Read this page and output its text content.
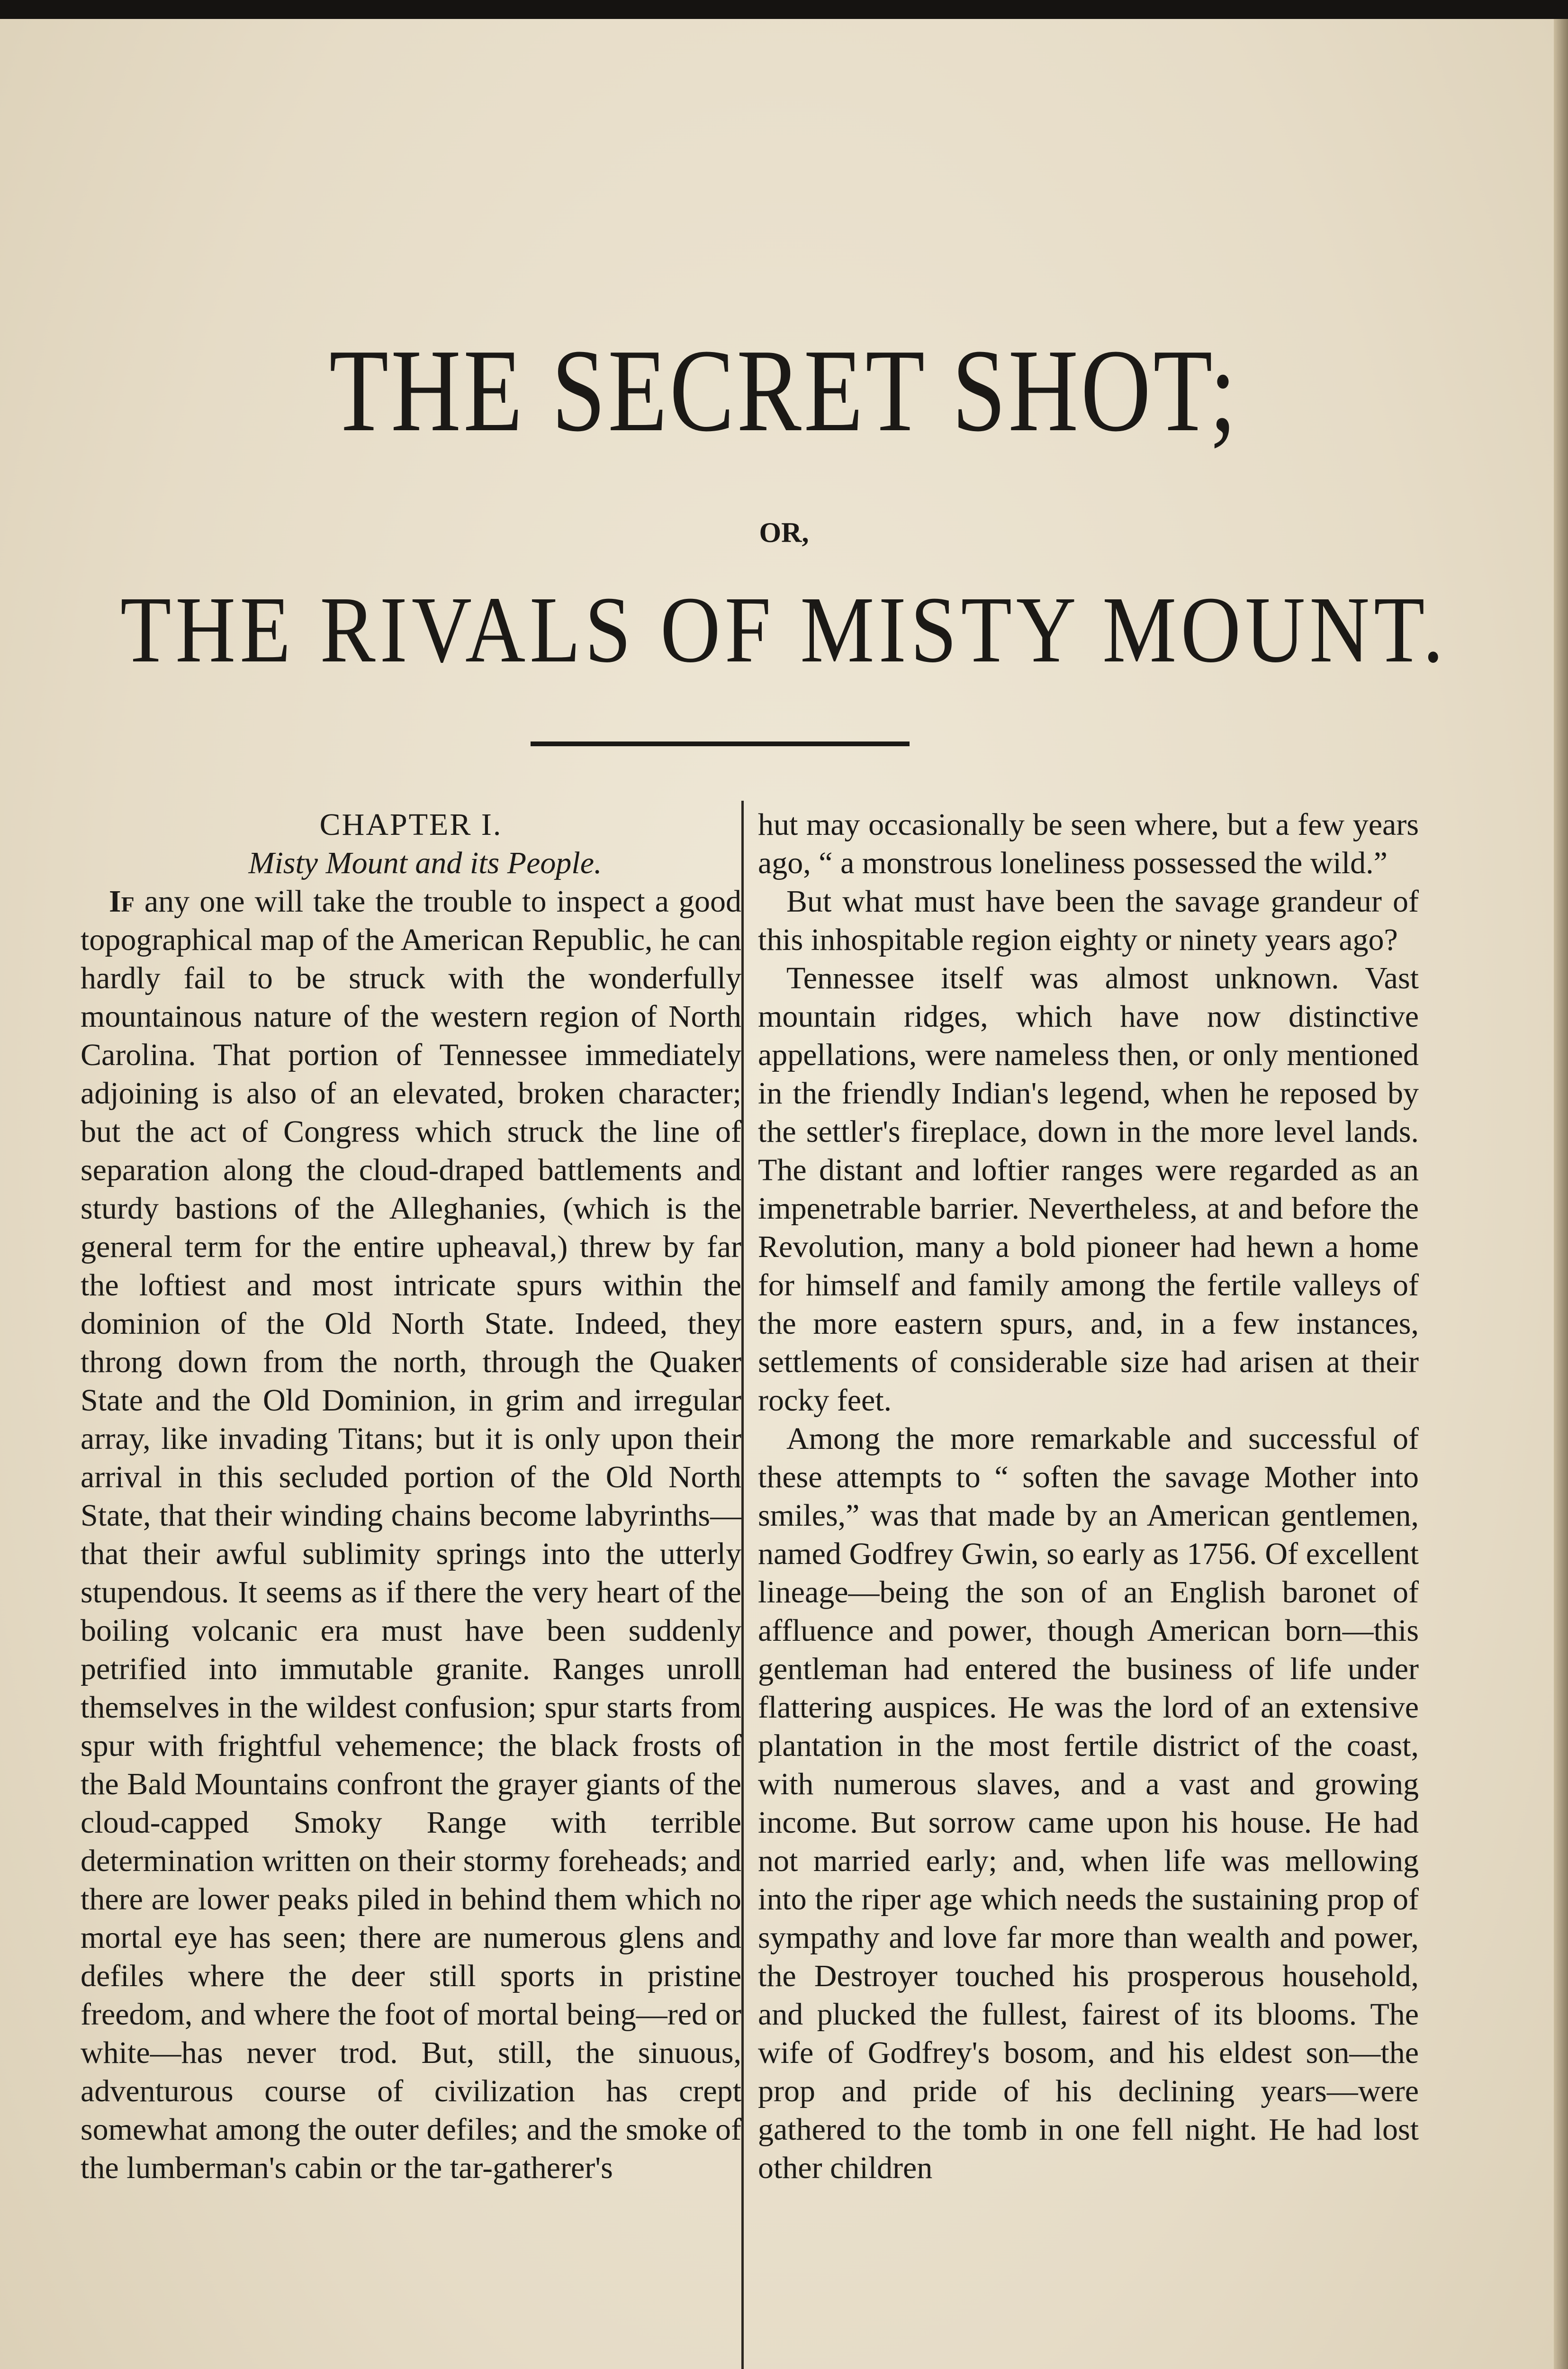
THE SECRET SHOT;
OR,
THE RIVALS OF MISTY MOUNT.

CHAPTER I.

Misty Mount and its People.

If any one will take the trouble to inspect a good topographical map of the American Republic, he can hardly fail to be struck with the wonderfully mountainous nature of the western region of North Carolina. That portion of Tennessee immediately adjoining is also of an elevated, broken character; but the act of Congress which struck the line of separation along the cloud-draped battlements and sturdy bastions of the Alleghanies, (which is the general term for the entire upheaval,) threw by far the loftiest and most intricate spurs within the dominion of the Old North State. Indeed, they throng down from the north, through the Quaker State and the Old Dominion, in grim and irregular array, like invading Titans; but it is only upon their arrival in this secluded portion of the Old North State, that their winding chains become labyrinths—that their awful sublimity springs into the utterly stupendous. It seems as if there the very heart of the boiling volcanic era must have been suddenly petrified into immutable granite. Ranges unroll themselves in the wildest confusion; spur starts from spur with frightful vehemence; the black frosts of the Bald Mountains confront the grayer giants of the cloud-capped Smoky Range with terrible determination written on their stormy foreheads; and there are lower peaks piled in behind them which no mortal eye has seen; there are numerous glens and defiles where the deer still sports in pristine freedom, and where the foot of mortal being—red or white—has never trod. But, still, the sinuous, adventurous course of civilization has crept somewhat among the outer defiles; and the smoke of the lumberman's cabin or the tar-gatherer's

hut may occasionally be seen where, but a few years ago, “ a monstrous loneliness possessed the wild.”

But what must have been the savage grandeur of this inhospitable region eighty or ninety years ago?

Tennessee itself was almost unknown. Vast mountain ridges, which have now distinctive appellations, were nameless then, or only mentioned in the friendly Indian's legend, when he reposed by the settler's fireplace, down in the more level lands. The distant and loftier ranges were regarded as an impenetrable barrier. Nevertheless, at and before the Revolution, many a bold pioneer had hewn a home for himself and family among the fertile valleys of the more eastern spurs, and, in a few instances, settlements of considerable size had arisen at their rocky feet.

Among the more remarkable and successful of these attempts to “ soften the savage Mother into smiles,” was that made by an American gentlemen, named Godfrey Gwin, so early as 1756. Of excellent lineage—being the son of an English baronet of affluence and power, though American born—this gentleman had entered the business of life under flattering auspices. He was the lord of an extensive plantation in the most fertile district of the coast, with numerous slaves, and a vast and growing income. But sorrow came upon his house. He had not married early; and, when life was mellowing into the riper age which needs the sustaining prop of sympathy and love far more than wealth and power, the Destroyer touched his prosperous household, and plucked the fullest, fairest of its blooms. The wife of Godfrey's bosom, and his eldest son—the prop and pride of his declining years—were gathered to the tomb in one fell night. He had lost other children
